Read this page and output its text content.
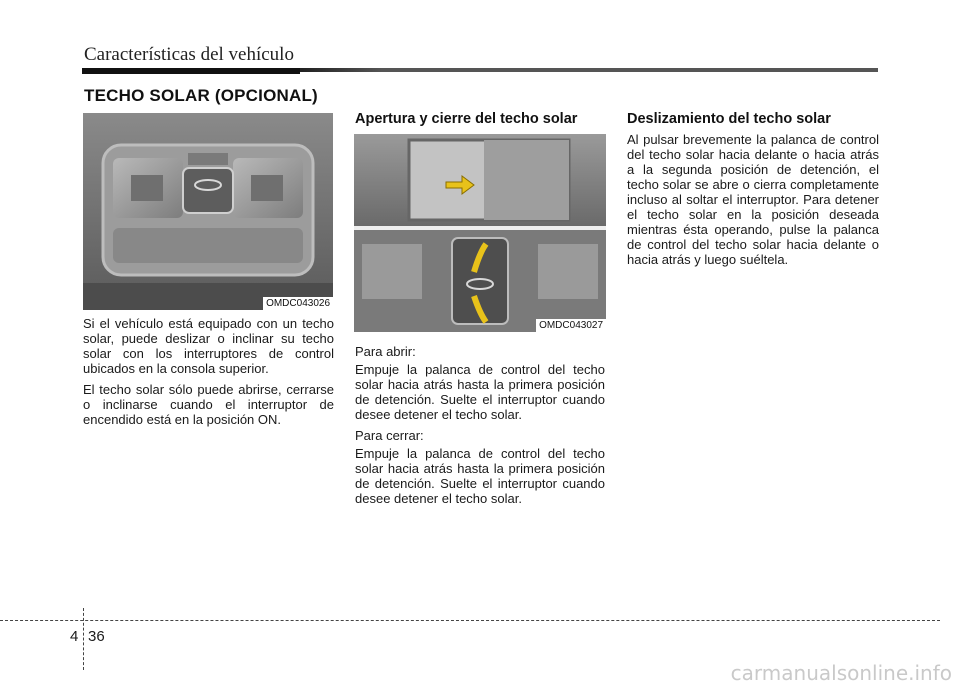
Características del vehículo
TECHO SOLAR (OPCIONAL)
OMDC043026

Si el vehículo está equipado con un techo solar, puede deslizar o inclinar su techo solar con los interruptores de control ubicados en la consola superior.

El techo solar sólo puede abrirse, cerrarse o inclinarse cuando el interruptor de encendido está en la posición ON.

Apertura y cierre del techo solar
OMDC043027

Para abrir:

Empuje la palanca de control del techo solar hacia atrás hasta la primera posición de detención. Suelte el interruptor cuando desee detener el techo solar.

Para cerrar:

Empuje la palanca de control del techo solar hacia atrás hasta la primera posición de detención. Suelte el interruptor cuando desee detener el techo solar.

Deslizamiento del techo solar

Al pulsar brevemente la palanca de control del techo solar hacia delante o hacia atrás a la segunda posición de detención, el techo solar se abre o cierra completamente incluso al soltar el interruptor. Para detener el techo solar en la posición deseada mientras ésta operando, pulse la palanca de control del techo solar hacia delante o hacia atrás y luego suéltela.

4 36
carmanualsonline.info
